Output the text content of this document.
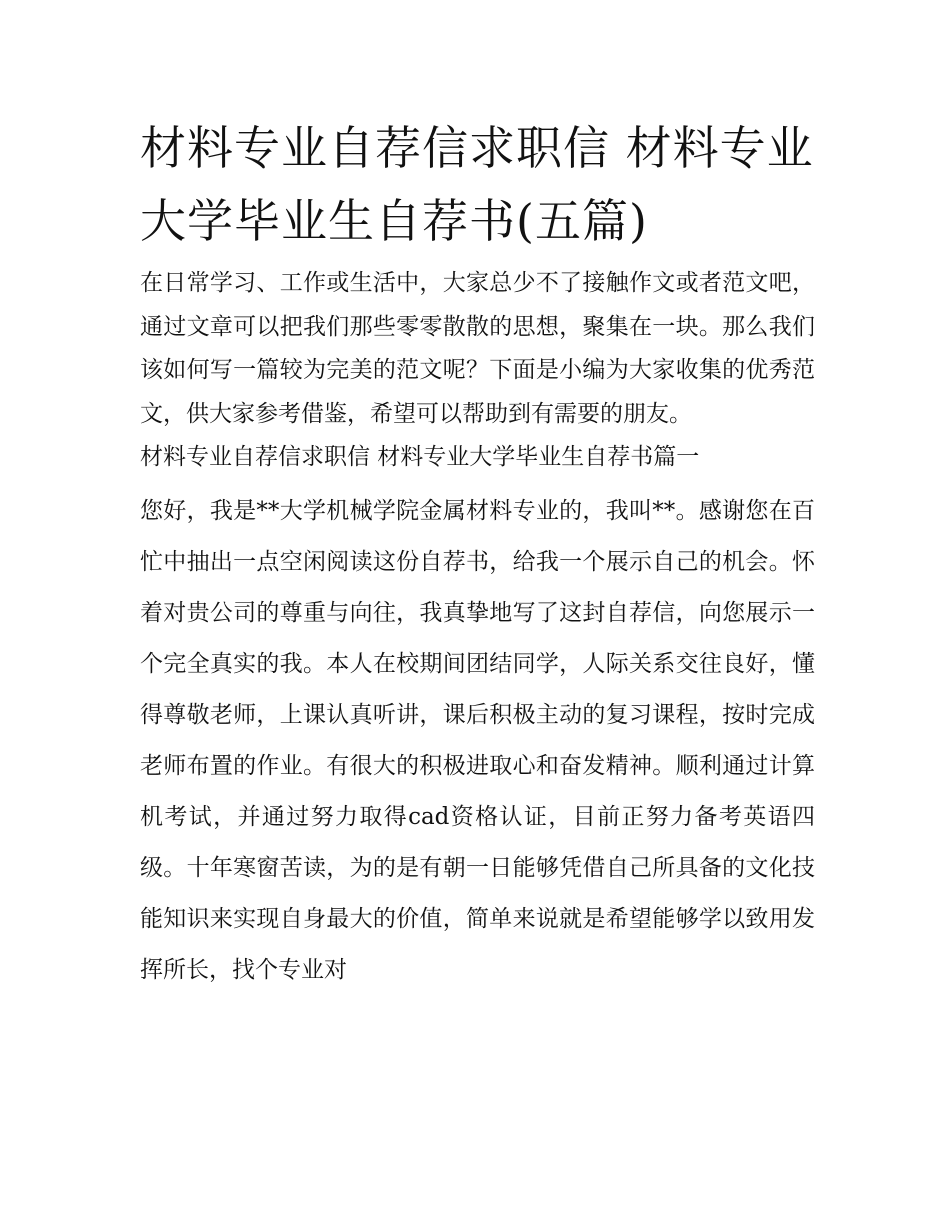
材料专业自荐信求职信 材料专业大学毕业生自荐书(五篇)

在日常学习、工作或生活中，大家总少不了接触作文或者范文吧，通过文章可以把我们那些零零散散的思想，聚集在一块。那么我们该如何写一篇较为完美的范文呢？下面是小编为大家收集的优秀范文，供大家参考借鉴，希望可以帮助到有需要的朋友。

材料专业自荐信求职信 材料专业大学毕业生自荐书篇一

您好，我是**大学机械学院金属材料专业的，我叫**。感谢您在百忙中抽出一点空闲阅读这份自荐书，给我一个展示自己的机会。怀着对贵公司的尊重与向往，我真挚地写了这封自荐信，向您展示一个完全真实的我。本人在校期间团结同学，人际关系交往良好，懂得尊敬老师，上课认真听讲，课后积极主动的复习课程，按时完成老师布置的作业。有很大的积极进取心和奋发精神。顺利通过计算机考试，并通过努力取得cad资格认证，目前正努力备考英语四级。十年寒窗苦读，为的是有朝一日能够凭借自己所具备的文化技能知识来实现自身最大的价值，简单来说就是希望能够学以致用发挥所长，找个专业对
